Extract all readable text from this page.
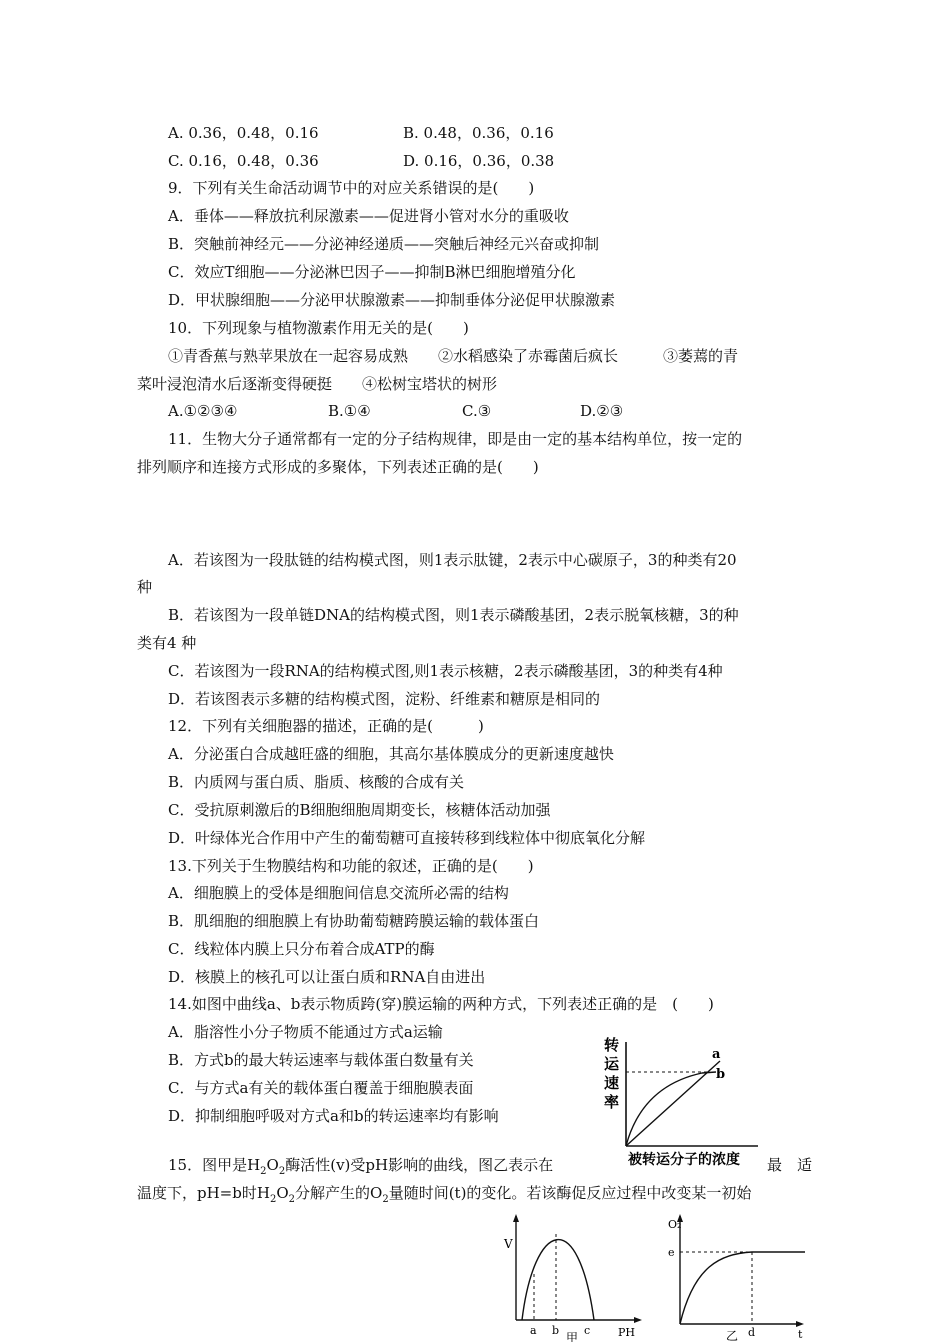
A. 0.36，0.48，0.16	B. 0.48，0.36，0.16
C. 0.16，0.48，0.36	D. 0.16，0.36，0.38
9．下列有关生命活动调节中的对应关系错误的是(　　)
A．垂体——释放抗利尿激素——促进肾小管对水分的重吸收
B．突触前神经元——分泌神经递质——突触后神经元兴奋或抑制
C．效应T细胞——分泌淋巴因子——抑制B淋巴细胞增殖分化
D．甲状腺细胞——分泌甲状腺激素——抑制垂体分泌促甲状腺激素
10．下列现象与植物激素作用无关的是(　　)
①青香蕉与熟苹果放在一起容易成熟　　②水稻感染了赤霉菌后疯长　　　③萎蔫的青
菜叶浸泡清水后逐渐变得硬挺　　④松树宝塔状的树形
A.①②③④	B.①④	C.③	D.②③
11．生物大分子通常都有一定的分子结构规律，即是由一定的基本结构单位，按一定的
排列顺序和连接方式形成的多聚体，下列表述正确的是(　　)
A．若该图为一段肽链的结构模式图，则1表示肽键，2表示中心碳原子，3的种类有20
种
B．若该图为一段单链DNA的结构模式图，则1表示磷酸基团，2表示脱氧核糖，3的种
类有4 种
C．若该图为一段RNA的结构模式图,则1表示核糖，2表示磷酸基团，3的种类有4种
D．若该图表示多糖的结构模式图，淀粉、纤维素和糖原是相同的
12．下列有关细胞器的描述，正确的是(　　　)
A．分泌蛋白合成越旺盛的细胞，其高尔基体膜成分的更新速度越快
B．内质网与蛋白质、脂质、核酸的合成有关
C．受抗原刺激后的B细胞细胞周期变长，核糖体活动加强
D．叶绿体光合作用中产生的葡萄糖可直接转移到线粒体中彻底氧化分解
13.下列关于生物膜结构和功能的叙述，正确的是(　　)
A．细胞膜上的受体是细胞间信息交流所必需的结构
B．肌细胞的细胞膜上有协助葡萄糖跨膜运输的载体蛋白
C．线粒体内膜上只分布着合成ATP的酶
D．核膜上的核孔可以让蛋白质和RNA自由进出
14.如图中曲线a、b表示物质跨(穿)膜运输的两种方式，下列表述正确的是　(　　)
A．脂溶性小分子物质不能通过方式a运输
B．方式b的最大转运速率与载体蛋白数量有关
C．与方式a有关的载体蛋白覆盖于细胞膜表面
D．抑制细胞呼吸对方式a和b的转运速率均有影响
转
运
速
率
a
b
被转运分子的浓度
15．图甲是$H_2O_2$酶活性(v)受pH影响的曲线，图乙表示在	最　适
温度下，pH=b时$H_2O_2$分解产生的$O_2$量随时间(t)的变化。若该酶促反应过程中改变某一初始
V
a b c
甲	PH
O₂
e
d
乙	t
